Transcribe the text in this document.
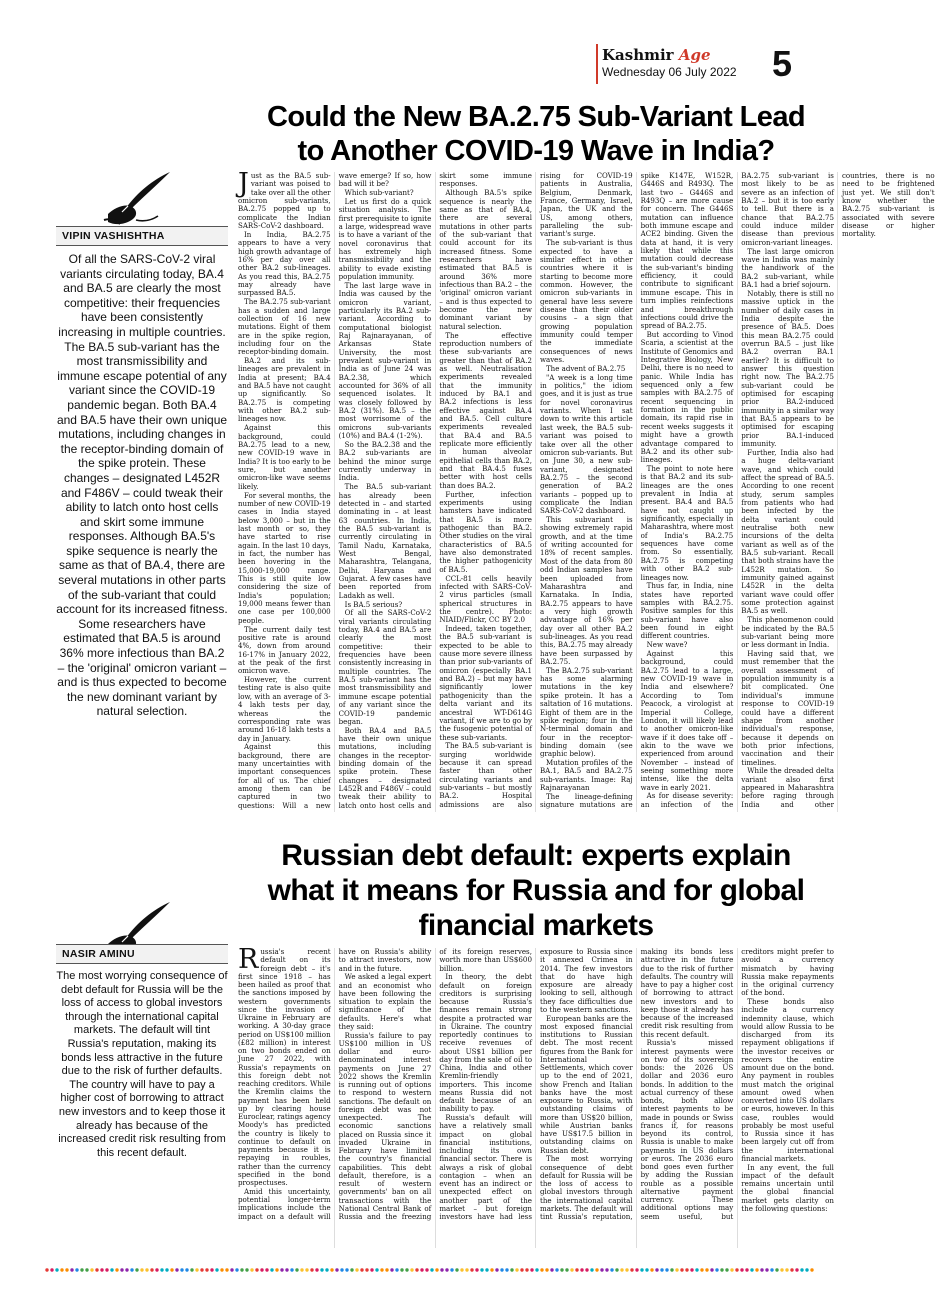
Kashmir Age
Wednesday 06 July 2022 5
Could the New BA.2.75 Sub-Variant Lead
to Another COVID-19 Wave in India?
VIPIN VASHISHTHA
Of all the SARS-CoV-2 viral variants circulating today, BA.4 and BA.5 are clearly the most competitive: their frequencies have been consistently increasing in multiple countries. The BA.5 sub-variant has the most transmissibility and immune escape potential of any variant since the COVID-19 pandemic began. Both BA.4 and BA.5 have their own unique mutations, including changes in the receptor-binding domain of the spike protein. These changes – designated L452R and F486V – could tweak their ability to latch onto host cells and skirt some immune responses. Although BA.5's spike sequence is nearly the same as that of BA.4, there are several mutations in other parts of the sub-variant that could account for its increased fitness. Some researchers have estimated that BA.5 is around 36% more infectious than BA.2 – the 'original' omicron variant – and is thus expected to become the new dominant variant by natural selection.

Just as the BA.5 sub-variant was poised to take over all the other omicron sub-variants, BA.2.75 popped up to complicate the Indian SARS-CoV-2 dashboard.

In India, BA.2.75 appears to have a very high growth advantage of 16% per day over all other BA.2 sub-lineages. As you read this, BA.2.75 may already have surpassed BA.5.

The BA.2.75 sub-variant has a sudden and large collection of 16 new mutations. Eight of them are in the spike region, including four on the receptor-binding domain.

BA.2 and its sub-lineages are prevalent in India at present; BA.4 and BA.5 have not caught up significantly. So BA.2.75 is competing with other BA.2 sub-lineages now.

Against this background, could BA.2.75 lead to a new, new COVID-19 wave in India? It is too early to be sure, but another omicron-like wave seems likely.

For several months, the number of new COVID-19 cases in India stayed below 3,000 – but in the last month or so, they have started to rise again. In the last 10 days, in fact, the number has been hovering in the 15,000-19,000 range. This is still quite low considering the size of India's population; 19,000 means fewer than one case per 100,000 people.

The current daily test positive rate is around 4%, down from around 16-17% in January 2022, at the peak of the first omicron wave.

However, the current testing rate is also quite low, with an average of 3-4 lakh tests per day, whereas the corresponding rate was around 16-18 lakh tests a day in January.

Against this background, there are many uncertainties with important consequences for all of us. The chief among them can be captured in two questions: Will a new wave emerge? If so, how bad will it be?

Which sub-variant?

Let us first do a quick situation analysis. The first prerequisite to ignite a large, widespread wave is to have a variant of the novel coronavirus that has extremely high transmissibility and the ability to evade existing population immunity.

The last large wave in India was caused by the omicron variant, particularly its BA.2 sub-variant. According to computational biologist Raj Rajnarayanan, of Arkansas State University, the most prevalent sub-variant in India as of June 24 was BA.2.38, which accounted for 36% of all sequenced isolates. It was closely followed by BA.2 (31%). BA.5 – the most worrisome of the omicrons sub-variants (10%) and BA.4 (1-2%).

So the BA.2.38 and the BA.2 sub-variants are behind the minor surge currently underway in India.

The BA.5 sub-variant has already been detected in – and started dominating in – at least 63 countries. In India, the BA.5 sub-variant is currently circulating in Tamil Nadu, Karnataka, West Bengal, Maharashtra, Telangana, Delhi, Haryana and Gujarat. A few cases have been reported from Ladakh as well.

Is BA.5 serious?

Of all the SARS-CoV-2 viral variants circulating today, BA.4 and BA.5 are clearly the most competitive: their frequencies have been consistently increasing in multiple countries. The BA.5 sub-variant has the most transmissibility and immune escape potential of any variant since the COVID-19 pandemic began.

Both BA.4 and BA.5 have their own unique mutations, including changes in the receptor-binding domain of the spike protein. These changes – designated L452R and F486V – could tweak their ability to latch onto host cells and skirt some immune responses.

Although BA.5's spike sequence is nearly the same as that of BA.4, there are several mutations in other parts of the sub-variant that could account for its increased fitness. Some researchers have estimated that BA.5 is around 36% more infectious than BA.2 – the 'original' omicron variant – and is thus expected to become the new dominant variant by natural selection.

The effective reproduction numbers of these sub-variants are greater than that of BA.2 as well. Neutralisation experiments revealed that the immunity induced by BA.1 and BA.2 infections is less effective against BA.4 and BA.5. Cell culture experiments revealed that BA.4 and BA.5 replicate more efficiently in human alveolar epithelial cells than BA.2, and that BA.4.5 fuses better with host cells than does BA.2.

Further, infection experiments using hamsters have indicated that BA.5 is more pathogenic than BA.2. Other studies on the viral characteristics of BA.5 have also demonstrated the higher pathogenicity of BA.5.

CCL-81 cells heavily infected with SARS-CoV-2 virus particles (small spherical structures in the centre). Photo: NIAID/Flickr, CC BY 2.0

Indeed, taken together, the BA.5 sub-variant is expected to be able to cause more severe illness than prior sub-variants of omicron (especially BA.1 and BA.2) – but may have significantly lower pathogenicity than the delta variant and its ancestral WT-D614G variant, if we are to go by the fusogenic potential of these sub-variants.

The BA.5 sub-variant is surging worldwide because it can spread faster than other circulating variants and sub-variants – but mostly BA.2. Hospital admissions are also rising for COVID-19 patients in Australia, Belgium, Denmark, France, Germany, Israel, Japan, the UK and the US, among others, paralleling the sub-variant's surge.

The sub-variant is thus expected to have a similar effect in other countries where it is starting to become more common. However, the omicron sub-variants in general have less severe disease than their older cousins – a sign that growing population immunity could temper the immediate consequences of news waves.

The advent of BA.2.75

"A week is a long time in politics," the idiom goes, and it is just as true for novel coronavirus variants. When I sat down to write this article last week, the BA.5 sub-variant was poised to take over all the other omicron sub-variants. But on June 30, a new sub-variant, designated BA.2.75 – the second generation of BA.2 variants – popped up to complicate the Indian SARS-CoV-2 dashboard.

This subvariant is showing extremely rapid growth, and at the time of writing accounted for 18% of recent samples. Most of the data from 80 odd Indian samples have been uploaded from Maharashtra and Karnataka. In India, BA.2.75 appears to have a very high growth advantage of 16% per day over all other BA.2 sub-lineages. As you read this, BA.2.75 may already have been surpassed by BA.2.75.

The BA.2.75 sub-variant has some alarming mutations in the key spike protein. It has a saltation of 16 mutations. Eight of them are in the spike region; four in the N-terminal domain and four in the receptor-binding domain (see graphic below).

Mutation profiles of the BA.1, BA.5 and BA.2.75 sub-variants. Image: Raj Rajnarayanan

The lineage-defining signature mutations are spike K147E, W152R, G446S and R493Q. The last two – G446S and R493Q – are more cause for concern. The G446S mutation can influence both immune escape and ACE2 binding. Given the data at hand, it is very likely that while this mutation could decrease the sub-variant's binding efficiency, it could contribute to significant immune escape. This in turn implies reinfections and breakthrough infections could drive the spread of BA.2.75.

But according to Vinod Scaria, a scientist at the Institute of Genomics and Integrative Biology, New Delhi, there is no need to panic. While India has sequenced only a few samples with BA.2.75 of recent sequencing in formation in the public domain, its rapid rise in recent weeks suggests it might have a growth advantage compared to BA.2 and its other sub-lineages.

The point to note here is that BA.2 and its sub-lineages are the ones prevalent in India at present. BA.4 and BA.5 have not caught up significantly, especially in Maharashtra, where most of India's BA.2.75 sequences have come from. So essentially, BA.2.75 is competing with other BA.2 sub-lineages now.

Thus far, in India, nine states have reported samples with BA.2.75. Positive samples for this sub-variant have also been found in eight different countries.

New wave?

Against this background, could BA.2.75 lead to a large, new COVID-19 wave in India and elsewhere? According to Tom Peacock, a virologist at Imperial College, London, it will likely lead to another omicron-like wave if it does take off – akin to the wave we experienced from around November – instead of seeing something more intense, like the delta wave in early 2021.

As for disease severity: an infection of the BA.2.75 sub-variant is most likely to be as severe as an infection of BA.2 – but it is too early to tell. But there is a chance that BA.2.75 could induce milder disease than previous omicron-variant lineages.

The last large omicron wave in India was mainly the handiwork of the BA.2 sub-variant, while BA.1 had a brief sojourn.

Notably, there is still no massive uptick in the number of daily cases in India despite the presence of BA.5. Does this mean BA.2.75 could overrun BA.5 – just like BA.2 overran BA.1 earlier? It is difficult to answer this question right now. The BA.2.75 sub-variant could be optimised for escaping prior BA.2-induced immunity in a similar way that BA.5 appears to be optimised for escaping prior BA.1-induced immunity.

Further, India also had a huge delta-variant wave, and which could affect the spread of BA.5. According to one recent study, serum samples from patients who had been infected by the delta variant could neutralise both new incursions of the delta variant as well as of the BA.5 sub-variant. Recall that both strains have the L452R mutation. So immunity gained against L452R in the delta variant wave could offer some protection against BA.5 as well.

This phenomenon could be indicated by the BA.5 sub-variant being more or less dormant in India.

Having said that, we must remember that the overall assessment of population immunity is a bit complicated. One individual's immune response to COVID-19 could have a different shape from another individual's response, because it depends on both prior infections, vaccination and their timelines.

While the dreaded delta variant also first appeared in Maharashtra before raging through India and other countries, there is no need to be frightened just yet. We still don't know whether the BA.2.75 sub-variant is associated with severe disease or higher mortality.

Russian debt default: experts explain
what it means for Russia and for global
financial markets
NASIR AMINU
The most worrying consequence of debt default for Russia will be the loss of access to global investors through the international capital markets. The default will tint Russia's reputation, making its bonds less attractive in the future due to the risk of further defaults. The country will have to pay a higher cost of borrowing to attract new investors and to keep those it already has because of the increased credit risk resulting from this recent default.

Russia's recent default on its foreign debt – it's first since 1918 – has been hailed as proof that the sanctions imposed by western governments since the invasion of Ukraine in February are working. A 30-day grace period on US$100 million (£82 million) in interest on two bonds ended on June 27 2022, with Russia's repayments on this foreign debt not reaching creditors. While the Kremlin claims the payment has been held up by clearing house Euroclear, ratings agency Moody's has predicted the country is likely to continue to default on payments because it is repaying in roubles, rather than the currency specified in the bond prospectuses.

Amid this uncertainty, potential longer-term implications include the impact on a default will have on Russia's ability to attract investors, now and in the future.

We asked a legal expert and an economist who have been following the situation to explain the significance of the defaults. Here's what they said:

Russia's failure to pay US$100 million in US dollar and euro-denominated interest payments on June 27 2022 shows the Kremlin is running out of options to respond to western sanctions. The default on foreign debt was not unexpected. The economic sanctions placed on Russia since it invaded Ukraine in February have limited the country's financial capabilities. This debt default, therefore, is a result of western governments' ban on all transactions with the National Central Bank of Russia and the freezing of its foreign reserves, worth more than US$600 billion.

In theory, the debt default on foreign creditors is surprising because Russia's finances remain strong despite a protracted war in Ukraine. The country reportedly continues to receive revenues of about US$1 billion per day from the sale of oil to China, India and other Kremlin-friendly importers. This income means Russia did not default because of an inability to pay.

Russia's default will have a relatively small impact on global financial institutions, including its own financial sector. There is always a risk of global contagion – when an event has an indirect or unexpected effect on another part of the market – but foreign investors have had less exposure to Russia since it annexed Crimea in 2014. The few investors that do have high exposure are already looking to sell, although they face difficulties due to the western sanctions.

European banks are the most exposed financial institutions to Russian debt. The most recent figures from the Bank for International Settlements, which cover up to the end of 2021, show French and Italian banks have the most exposure to Russia, with outstanding claims of more than US$20 billion, while Austrian banks have US$17.5 billion in outstanding claims on Russian debt.

The most worrying consequence of debt default for Russia will be the loss of access to global investors through the international capital markets. The default will tint Russia's reputation, making its bonds less attractive in the future due to the risk of further defaults. The country will have to pay a higher cost of borrowing to attract new investors and to keep those it already has because of the increased credit risk resulting from this recent default.

Russia's missed interest payments were on two of its sovereign bonds: the 2026 US dollar and 2036 euro bonds. In addition to the actual currency of these bonds, both allow interest payments to be made in pounds or Swiss francs if, for reasons beyond its control, Russia is unable to make payments in US dollars or euros. The 2036 euro bond goes even further by adding the Russian rouble as a possible alternative payment currency. These additional options may seem useful, but creditors might prefer to avoid a currency mismatch by having Russia make repayments in the original currency of the bond.

These bonds also include a currency indemnity clause, which would allow Russia to be discharged from its repayment obligations if the investor receives or recovers the entire amount due on the bond. Any payment in roubles must match the original amount owed when converted into US dollars or euros, however. In this case, roubles would probably be most useful to Russia since it has been largely cut off from the international financial markets.

In any event, the full impact of the default remains uncertain until the global financial market gets clarity on the following questions:
